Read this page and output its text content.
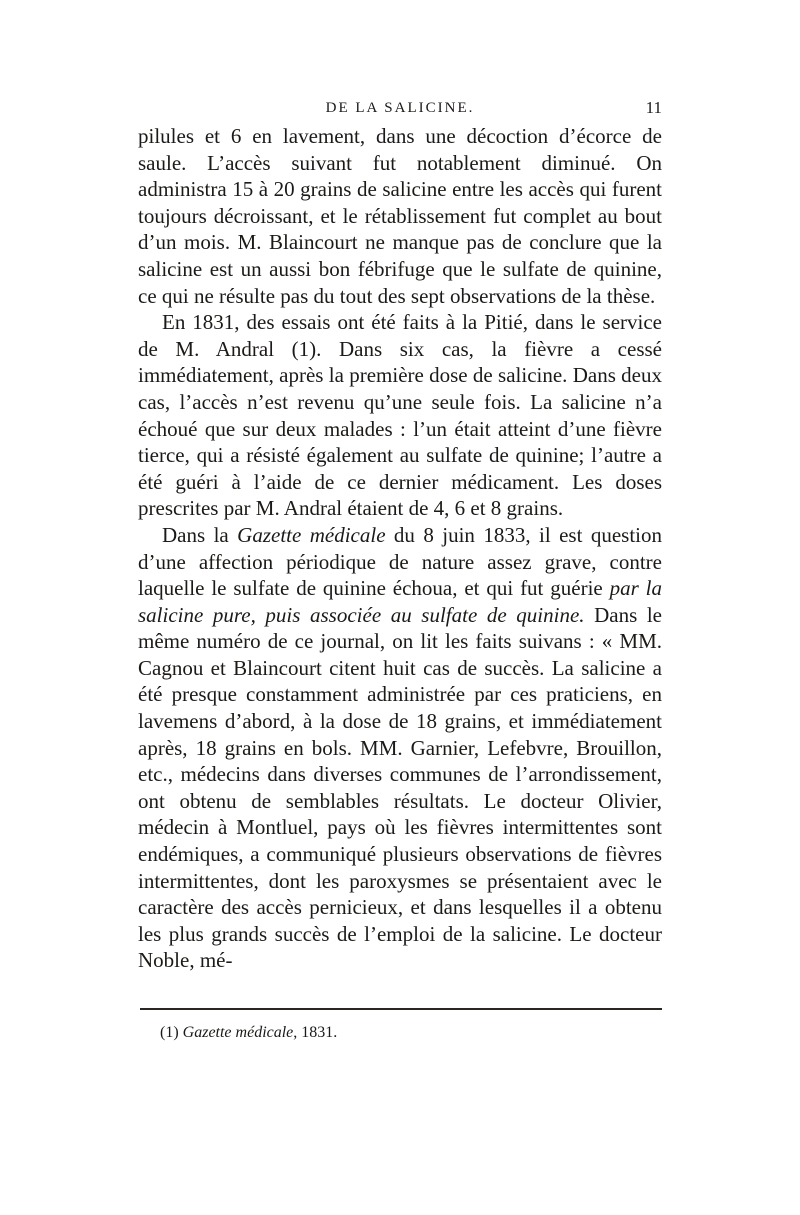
DE LA SALICINE.	11

pilules et 6 en lavement, dans une décoction d’écorce de saule. L’accès suivant fut notablement diminué. On administra 15 à 20 grains de salicine entre les accès qui furent toujours décroissant, et le rétablissement fut complet au bout d’un mois. M. Blaincourt ne manque pas de conclure que la salicine est un aussi bon fébrifuge que le sulfate de quinine, ce qui ne résulte pas du tout des sept observations de la thèse.

En 1831, des essais ont été faits à la Pitié, dans le service de M. Andral (1). Dans six cas, la fièvre a cessé immédiatement, après la première dose de salicine. Dans deux cas, l’accès n’est revenu qu’une seule fois. La salicine n’a échoué que sur deux malades : l’un était atteint d’une fièvre tierce, qui a résisté également au sulfate de quinine; l’autre a été guéri à l’aide de ce dernier médicament. Les doses prescrites par M. Andral étaient de 4, 6 et 8 grains.

Dans la Gazette médicale du 8 juin 1833, il est question d’une affection périodique de nature assez grave, contre laquelle le sulfate de quinine échoua, et qui fut guérie par la salicine pure, puis associée au sulfate de quinine. Dans le même numéro de ce journal, on lit les faits suivans : « MM. Cagnou et Blaincourt citent huit cas de succès. La salicine a été presque constamment administrée par ces praticiens, en lavemens d’abord, à la dose de 18 grains, et immédiatement après, 18 grains en bols. MM. Garnier, Lefebvre, Brouillon, etc., médecins dans diverses communes de l’arrondissement, ont obtenu de semblables résultats. Le docteur Olivier, médecin à Montluel, pays où les fièvres intermittentes sont endémiques, a communiqué plusieurs observations de fièvres intermittentes, dont les paroxysmes se présentaient avec le caractère des accès pernicieux, et dans lesquelles il a obtenu les plus grands succès de l’emploi de la salicine. Le docteur Noble, mé-

(1) Gazette médicale, 1831.
